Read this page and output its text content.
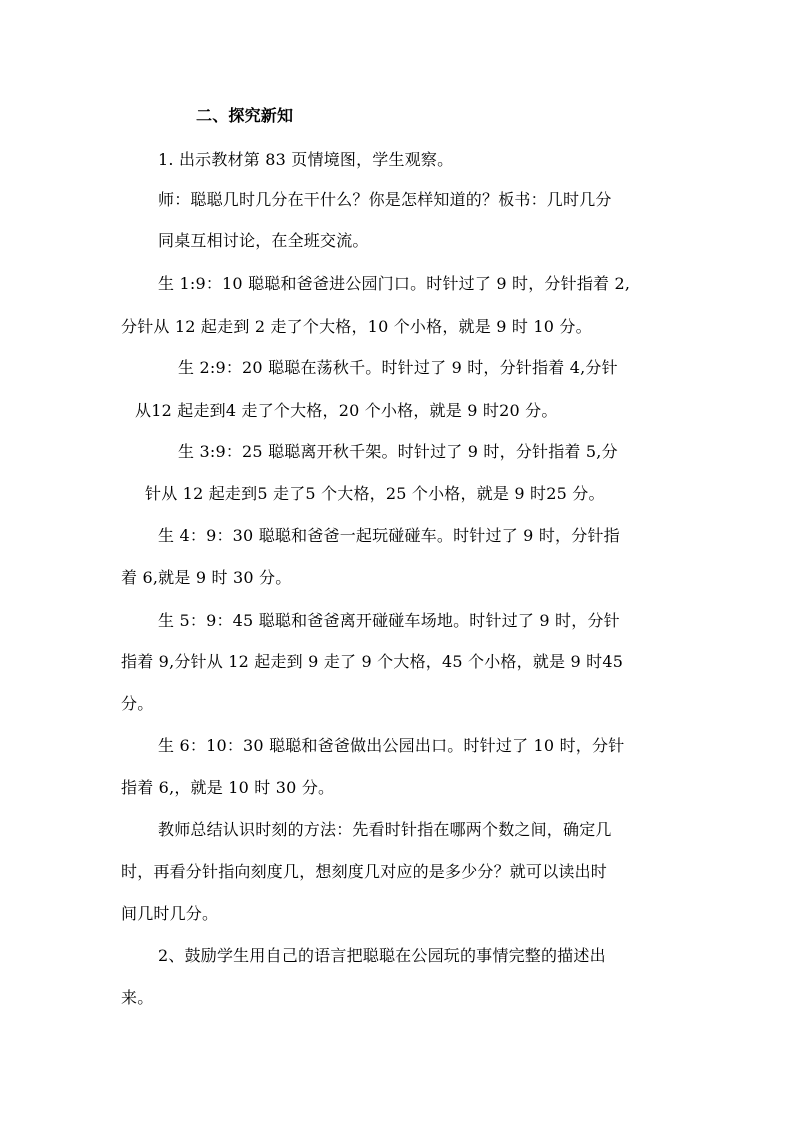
二、探究新知
1. 出示教材第 83 页情境图，学生观察。
师：聪聪几时几分在干什么？你是怎样知道的？板书：几时几分
同桌互相讨论，在全班交流。
生 1:9：10 聪聪和爸爸进公园门口。时针过了 9 时，分针指着 2,
分针从 12 起走到 2 走了个大格，10 个小格，就是 9 时 10 分。
生 2:9：20 聪聪在荡秋千。时针过了 9 时，分针指着 4,分针
从12 起走到4 走了个大格，20 个小格，就是 9 时20 分。
生 3:9：25 聪聪离开秋千架。时针过了 9 时，分针指着 5,分
针从 12 起走到5 走了5 个大格，25 个小格，就是 9 时25 分。
生 4：9：30 聪聪和爸爸一起玩碰碰车。时针过了 9 时，分针指
着 6,就是 9 时 30 分。
生 5：9：45 聪聪和爸爸离开碰碰车场地。时针过了 9 时，分针
指着 9,分针从 12 起走到 9 走了 9 个大格，45 个小格，就是 9 时45
分。
生 6：10：30 聪聪和爸爸做出公园出口。时针过了 10 时，分针
指着 6,，就是 10 时 30 分。
教师总结认识时刻的方法：先看时针指在哪两个数之间，确定几
时，再看分针指向刻度几，想刻度几对应的是多少分？就可以读出时
间几时几分。
2、鼓励学生用自己的语言把聪聪在公园玩的事情完整的描述出
来。
